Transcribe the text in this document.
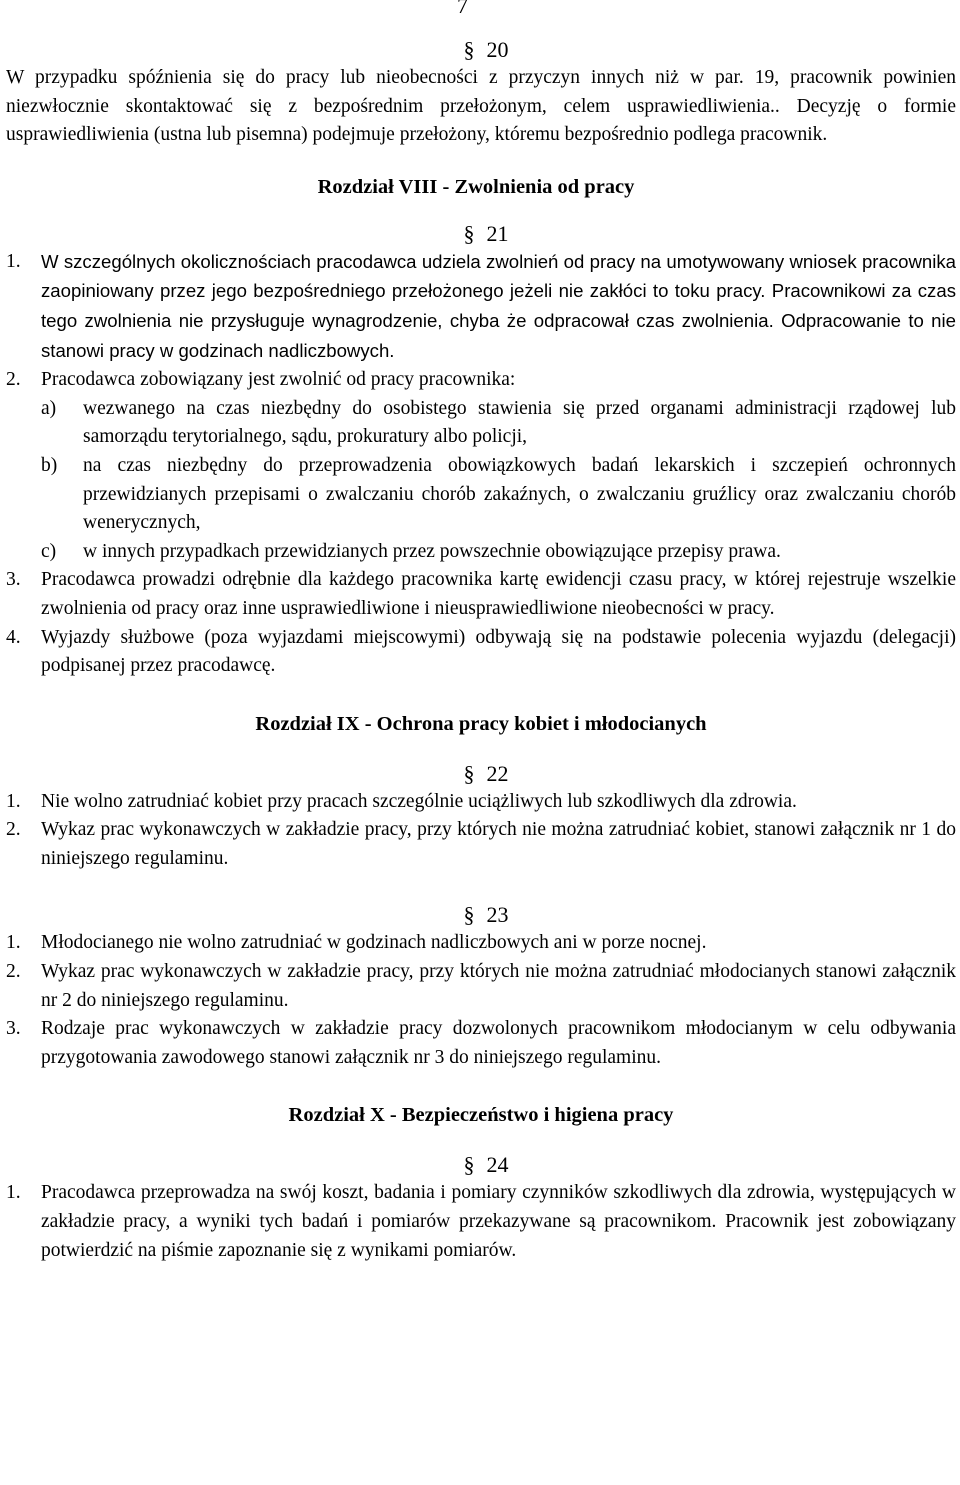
7
§ 20

W przypadku spóźnienia się do pracy lub nieobecności z przyczyn innych niż w par. 19, pracownik powinien niezwłocznie skontaktować się z bezpośrednim przełożonym, celem usprawiedliwienia.. Decyzję o formie usprawiedliwienia (ustna lub pisemna) podejmuje przełożony, któremu bezpośrednio podlega pracownik.

Rozdział VIII - Zwolnienia od pracy
§ 21
1.	W szczególnych okolicznościach pracodawca udziela zwolnień od pracy na umotywowany wniosek pracownika zaopiniowany przez jego bezpośredniego przełożonego jeżeli nie zakłóci to toku pracy. Pracownikowi za czas tego zwolnienia nie przysługuje wynagrodzenie, chyba że odpracował czas zwolnienia. Odpracowanie to nie stanowi pracy w godzinach nadliczbowych.
2.	Pracodawca zobowiązany jest zwolnić od pracy pracownika:
a)	wezwanego na czas niezbędny do osobistego stawienia się przed organami administracji rządowej lub samorządu terytorialnego, sądu, prokuratury albo policji,
b)	na czas niezbędny do przeprowadzenia obowiązkowych badań lekarskich i szczepień ochronnych przewidzianych przepisami o zwalczaniu chorób zakaźnych, o zwalczaniu gruźlicy oraz zwalczaniu chorób wenerycznych,
c)	w innych przypadkach przewidzianych przez powszechnie obowiązujące przepisy prawa.
3.	Pracodawca prowadzi odrębnie dla każdego pracownika kartę ewidencji czasu pracy, w której rejestruje wszelkie zwolnienia od pracy oraz inne usprawiedliwione i nieusprawiedliwione nieobecności w pracy.
4.	Wyjazdy służbowe (poza wyjazdami miejscowymi) odbywają się na podstawie polecenia wyjazdu (delegacji) podpisanej przez pracodawcę.
Rozdział IX - Ochrona pracy kobiet i młodocianych
§ 22
1.	Nie wolno zatrudniać kobiet przy pracach szczególnie uciążliwych lub szkodliwych dla zdrowia.
2.	Wykaz prac wykonawczych w zakładzie pracy, przy których nie można zatrudniać kobiet, stanowi załącznik nr 1 do niniejszego regulaminu.
§ 23
1.	Młodocianego nie wolno zatrudniać w godzinach nadliczbowych ani w porze nocnej.
2.	Wykaz prac wykonawczych w zakładzie pracy, przy których nie można zatrudniać młodocianych stanowi załącznik nr 2 do niniejszego regulaminu.
3.	Rodzaje prac wykonawczych w zakładzie pracy dozwolonych pracownikom młodocianym w celu odbywania przygotowania zawodowego stanowi załącznik nr 3 do niniejszego regulaminu.
Rozdział X - Bezpieczeństwo i higiena pracy
§ 24
1.	Pracodawca przeprowadza na swój koszt, badania i pomiary czynników szkodliwych dla zdrowia, występujących w zakładzie pracy, a wyniki tych badań i pomiarów przekazywane są pracownikom. Pracownik jest zobowiązany potwierdzić na piśmie zapoznanie się z wynikami pomiarów.
